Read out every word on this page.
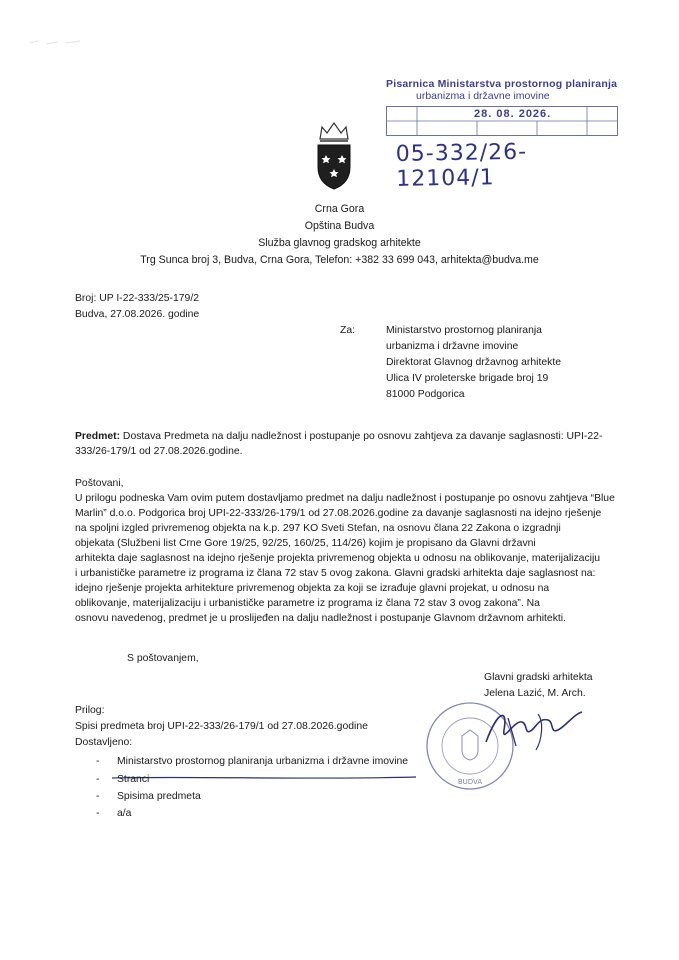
Pisarnica Ministarstva prostornog planiranja
urbanizma i državne imovine
28. 08. 2026.
05-332/26-12104/1
Crna Gora
Opština Budva
Služba glavnog gradskog arhitekte
Trg Sunca broj 3, Budva, Crna Gora, Telefon: +382 33 699 043, arhitekta@budva.me
Broj: UP I-22-333/25-179/2
Budva, 27.08.2026. godine
Za:	Ministarstvo prostornog planiranja
urbanizma i državne imovine
Direktorat Glavnog državnog arhitekte
Ulica IV proleterske brigade broj 19
81000 Podgorica
Predmet: Dostava Predmeta na dalju nadležnost i postupanje po osnovu zahtjeva za davanje saglasnosti: UPI-22-
333/26-179/1 od 27.08.2026.godine.
Poštovani,
U prilogu podneska Vam ovim putem dostavljamo predmet na dalju nadležnost i postupanje po osnovu zahtjeva “Blue
Marlin” d.o.o. Podgorica broj UPI-22-333/26-179/1 od 27.08.2026.godine za davanje saglasnosti na idejno rješenje
na spoljni izgled privremenog objekta na k.p. 297 KO Sveti Stefan, na osnovu člana 22 Zakona o izgradnji
objekata (Službeni list Crne Gore 19/25, 92/25, 160/25, 114/26) kojim je propisano da Glavni državni
arhitekta daje saglasnost na idejno rješenje projekta privremenog objekta u odnosu na oblikovanje, materijalizaciju
i urbanističke parametre iz programa iz člana 72 stav 5 ovog zakona. Glavni gradski arhitekta daje saglasnost na:
idejno rješenje projekta arhitekture privremenog objekta za koji se izrađuje glavni projekat, u odnosu na
oblikovanje, materijalizaciju i urbanističke parametre iz programa iz člana 72 stav 3 ovog zakona”. Na
osnovu navedenog, predmet je u proslijeđen na dalju nadležnost i postupanje Glavnom državnom arhitekti.
S poštovanjem,
Glavni gradski arhitekta
Jelena Lazić, M. Arch.
BUDVA
Prilog:
Spisi predmeta broj UPI-22-333/26-179/1 od 27.08.2026.godine
Dostavljeno:
- Ministarstvo prostornog planiranja urbanizma i državne imovine
- Stranci
- Spisima predmeta
- a/a
